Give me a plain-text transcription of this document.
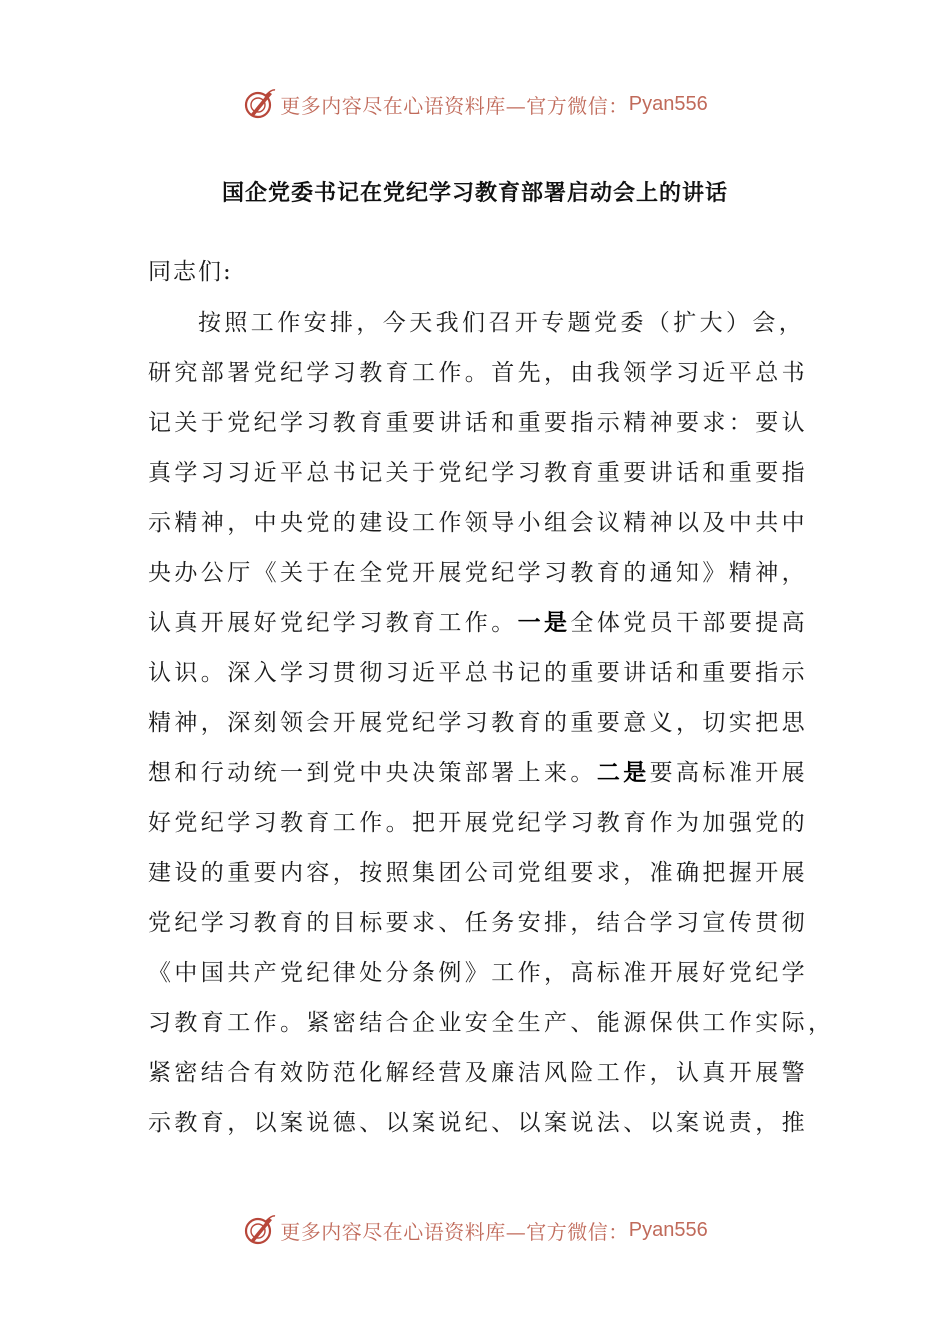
更多内容尽在心语资料库—官方微信： Pyan556
国企党委书记在党纪学习教育部署启动会上的讲话
同志们:
按照工作安排，今天我们召开专题党委（扩大）会，
研究部署党纪学习教育工作。首先，由我领学习近平总书
记关于党纪学习教育重要讲话和重要指示精神要求：要认
真学习习近平总书记关于党纪学习教育重要讲话和重要指
示精神，中央党的建设工作领导小组会议精神以及中共中
央办公厅《关于在全党开展党纪学习教育的通知》精神，
认真开展好党纪学习教育工作。一是全体党员干部要提高
认识。深入学习贯彻习近平总书记的重要讲话和重要指示
精神，深刻领会开展党纪学习教育的重要意义，切实把思
想和行动统一到党中央决策部署上来。二是要高标准开展
好党纪学习教育工作。把开展党纪学习教育作为加强党的
建设的重要内容，按照集团公司党组要求，准确把握开展
党纪学习教育的目标要求、任务安排，结合学习宣传贯彻
《中国共产党纪律处分条例》工作，高标准开展好党纪学
习教育工作。紧密结合企业安全生产、能源保供工作实际，
紧密结合有效防范化解经营及廉洁风险工作，认真开展警
示教育，以案说德、以案说纪、以案说法、以案说责，推
更多内容尽在心语资料库—官方微信： Pyan556
